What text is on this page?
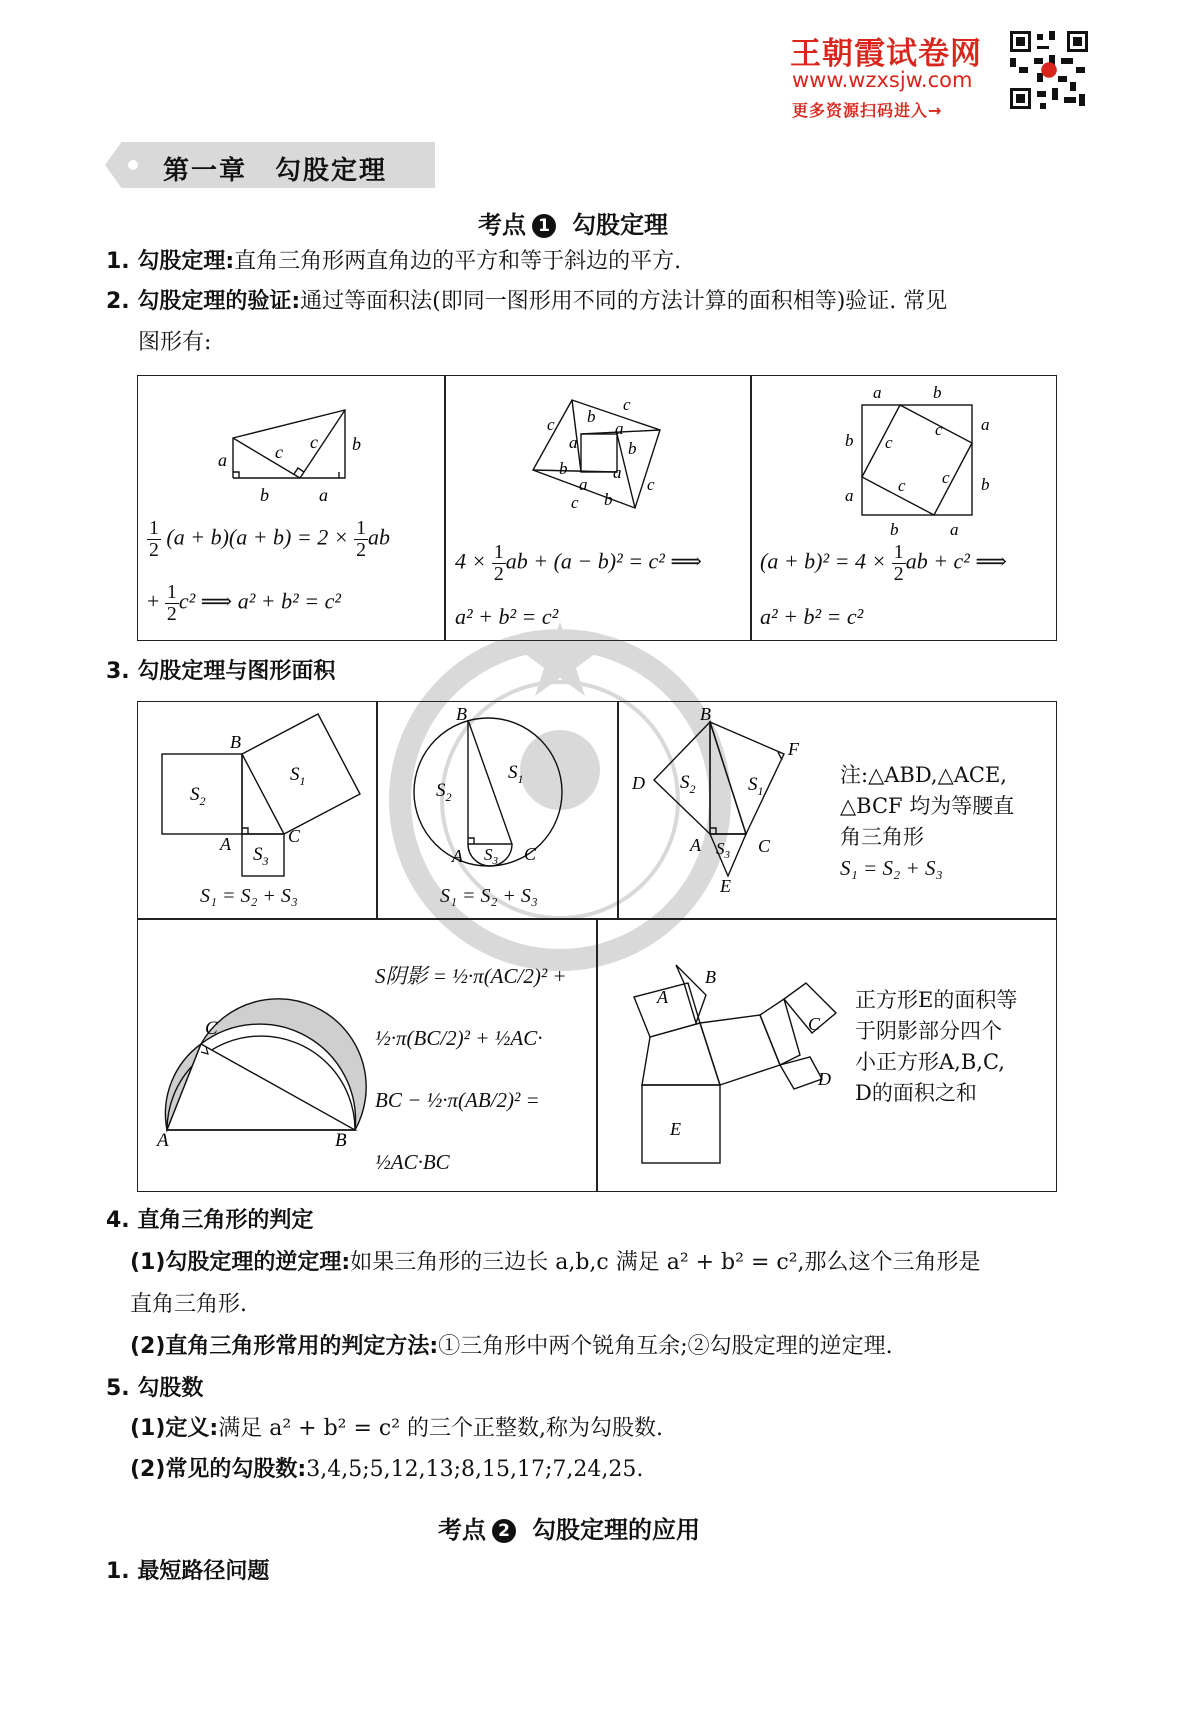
王朝霞试卷网
www.wzxsjw.com
更多资源扫码进入→
第一章　勾股定理
考点 1 勾股定理
1. 勾股定理:直角三角形两直角边的平方和等于斜边的平方.
2. 勾股定理的验证:通过等面积法(即同一图形用不同的方法计算的面积相等)验证. 常见
图形有:
a	c c b
b	a
$\frac{1}{2} (a + b)(a + b) = 2 \times \frac{1}{2}$ ab
+ $\frac{1}{2} c^2$ ⟹ a² + b² = c²
c
c b
a
a	b
b
a
a
c
b
c
$4 \times \frac{1}{2}$ ab + (a − b)² = c² ⟹
a² + b² = c²
a	b
a
b
b
a
b	a
c
c
c c
$(a + b)^2 = 4 \times \frac{1}{2}$ ab + c² ⟹
a² + b² = c²
3. 勾股定理与图形面积
B
A	C
$S_1$
$S_2$
$S_3$
S₁ = S₂ + S₃
B
A	C
$S_1$
$S_2$
$S_3$
S₁ = S₂ + S₃
B
D
A	C
F
E
$S_2$	$S_1$
$S_3$
注:△ABD,△ACE,
△BCF 均为等腰直
角三角形
S₁ = S₂ + S₃
A	B
C
S阴影 = ½·π(AC/2)² +
½·π(BC/2)² + ½AC·
BC − ½·π(AB/2)² =
½AC·BC
A
B
C
D
E
正方形E的面积等
于阴影部分四个
小正方形A,B,C,
D的面积之和
4. 直角三角形的判定
(1)勾股定理的逆定理:如果三角形的三边长 a,b,c 满足 a² + b² = c²,那么这个三角形是
直角三角形.
(2)直角三角形常用的判定方法:①三角形中两个锐角互余;②勾股定理的逆定理.
5. 勾股数
(1)定义:满足 a² + b² = c² 的三个正整数,称为勾股数.
(2)常见的勾股数:3,4,5;5,12,13;8,15,17;7,24,25.
考点 2 勾股定理的应用
1. 最短路径问题
